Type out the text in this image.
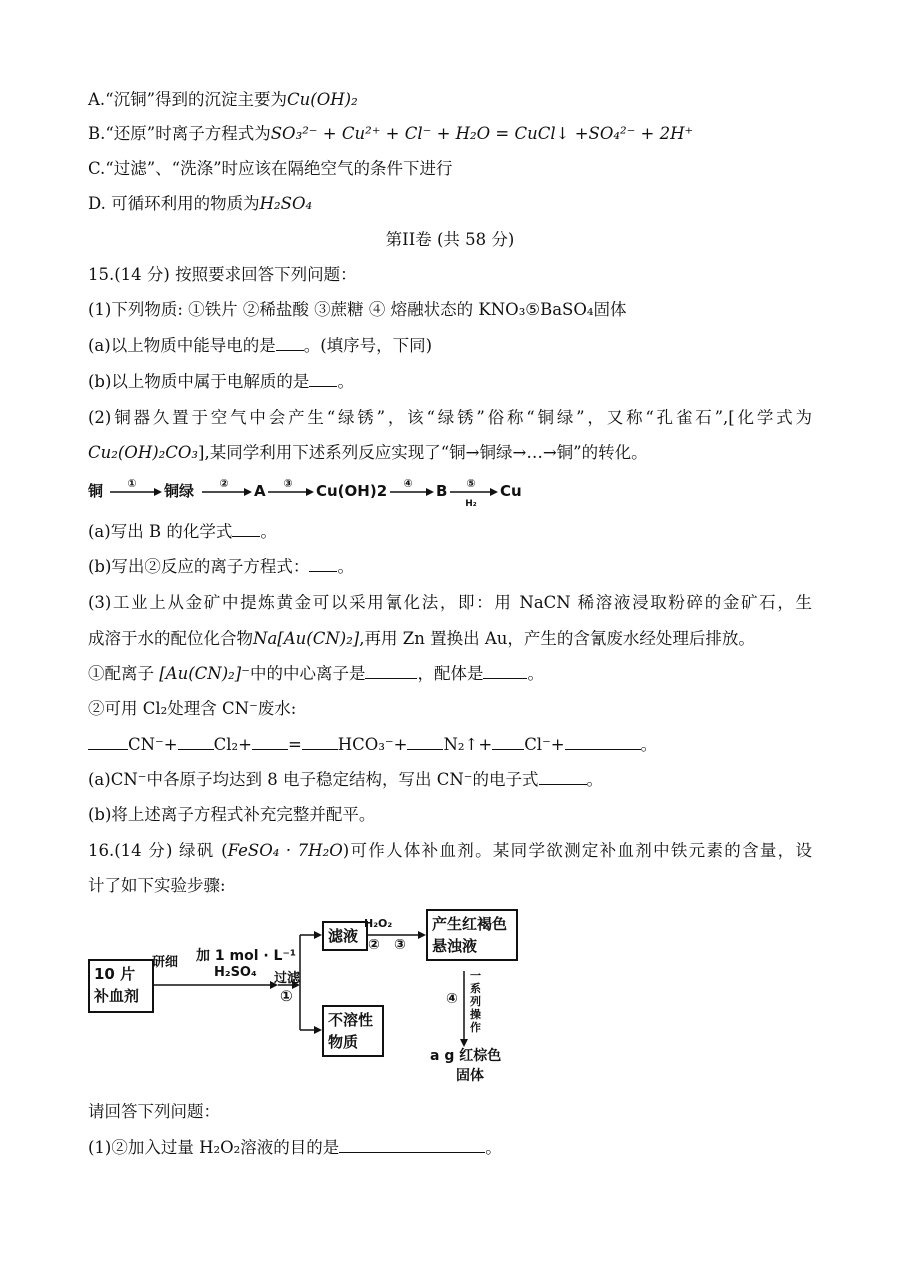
A.“沉铜”得到的沉淀主要为Cu(OH)₂
B.“还原”时离子方程式为SO₃²⁻ + Cu²⁺ + Cl⁻ + H₂O = CuCl↓ +SO₄²⁻ + 2H⁺
C.“过滤”、“洗涤”时应该在隔绝空气的条件下进行
D. 可循环利用的物质为H₂SO₄
第II卷 (共 58 分)
15.(14 分) 按照要求回答下列问题：
(1)下列物质: ①铁片 ②稀盐酸 ③蔗糖 ④ 熔融状态的 KNO₃⑤BaSO₄固体
(a)以上物质中能导电的是 。(填序号，下同)
(b)以上物质中属于电解质的是 。
(2)铜器久置于空气中会产生“绿锈”，该“绿锈”俗称“铜绿”，又称“孔雀石”,[化学式为
Cu₂(OH)₂CO₃],某同学利用下述系列反应实现了“铜→铜绿→…→铜”的转化。
铜 ① 铜绿 ② A ③ Cu(OH)2 ④ B ⑤
H₂
Cu
(a)写出 B 的化学式 。
(b)写出②反应的离子方程式： 。
(3)工业上从金矿中提炼黄金可以采用氰化法，即：用 NaCN 稀溶液浸取粉碎的金矿石，生
成溶于水的配位化合物Na[Au(CN)₂],再用 Zn 置换出 Au，产生的含氰废水经处理后排放。
①配离子 [Au(CN)₂]⁻中的中心离子是	，配体是	。
②可用 Cl₂处理含 CN⁻废水:
CN⁻+ Cl₂+ = HCO₃⁻+ N₂↑+ Cl⁻+	。
(a)CN⁻中各原子均达到 8 电子稳定结构，写出 CN⁻的电子式	。
(b)将上述离子方程式补充完整并配平。
16.(14 分) 绿矾 (FeSO₄ · 7H₂O)可作人体补血剂。某同学欲测定补血剂中铁元素的含量，设
计了如下实验步骤:
10 片
补血剂
研细 加 1 mol · L⁻¹
H₂SO₄ 过滤
①
滤液
不溶性
物质
H₂O₂
② ③
产生红褐色
悬浊液
④
一系列操作
a g 红棕色
固体
请回答下列问题：
(1)②加入过量 H₂O₂溶液的目的是	。
